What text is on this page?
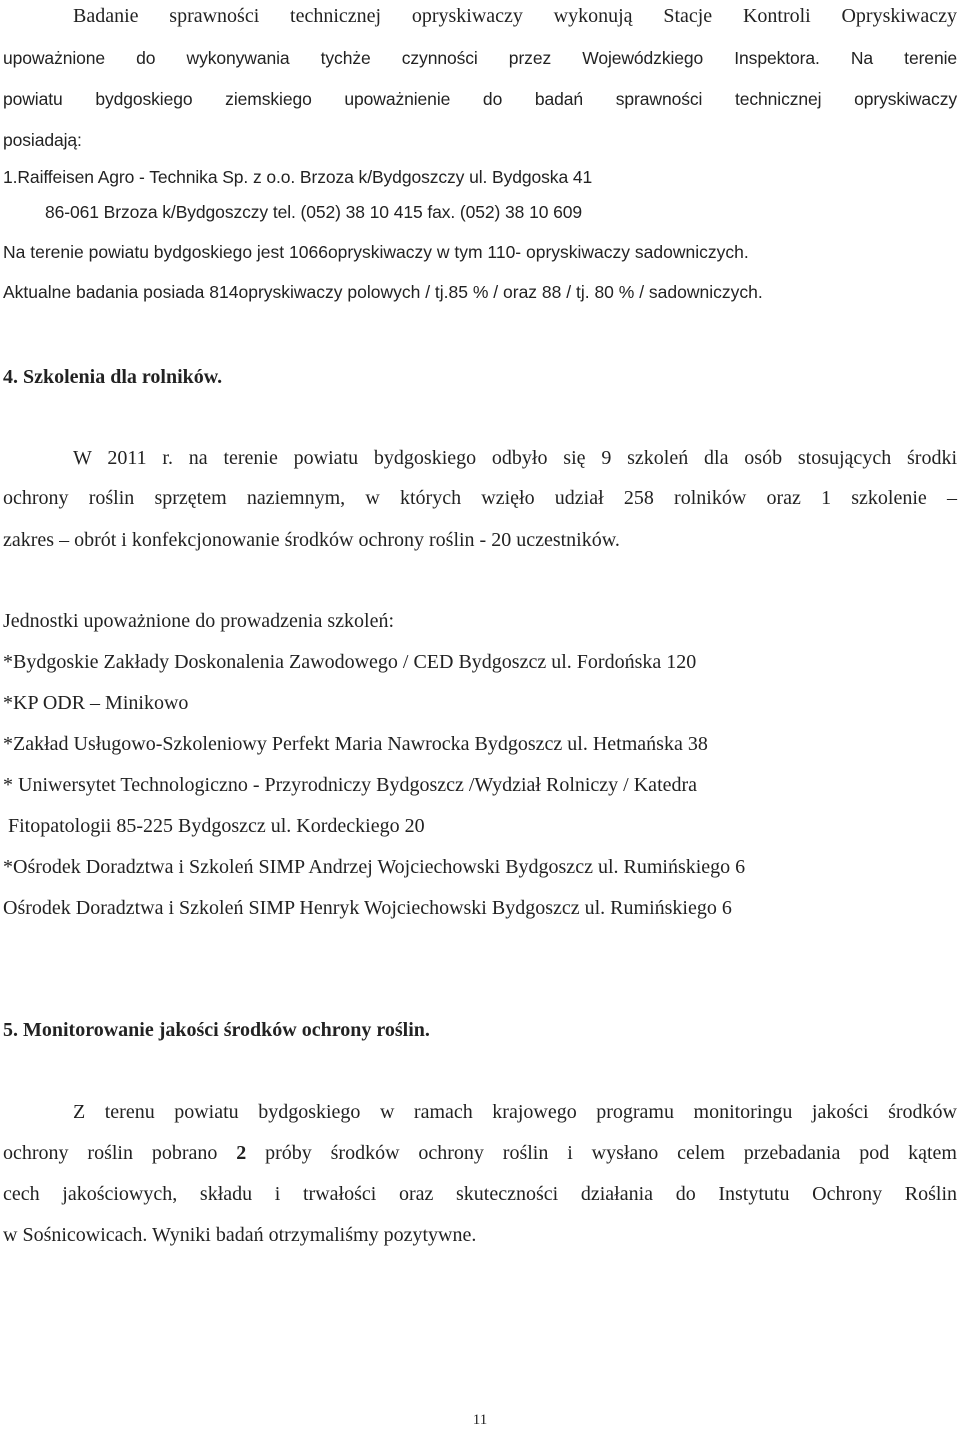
Badanie sprawności technicznej opryskiwaczy wykonują Stacje Kontroli Opryskiwaczy
upoważnione do wykonywania tychże czynności przez Wojewódzkiego Inspektora. Na terenie
powiatu bydgoskiego ziemskiego upoważnienie do badań sprawności technicznej opryskiwaczy
posiadają:
1.Raiffeisen Agro - Technika Sp. z o.o. Brzoza k/Bydgoszczy ul. Bydgoska 41
86-061 Brzoza k/Bydgoszczy tel. (052) 38 10 415 fax. (052) 38 10 609
Na terenie powiatu bydgoskiego jest 1066opryskiwaczy w tym 110- opryskiwaczy sadowniczych.
Aktualne badania posiada 814opryskiwaczy polowych / tj.85 % / oraz 88 / tj. 80 % / sadowniczych.
4. Szkolenia dla rolników.
W 2011 r. na terenie powiatu bydgoskiego odbyło się 9 szkoleń dla osób stosujących środki
ochrony roślin sprzętem naziemnym, w których wzięło udział 258 rolników oraz 1 szkolenie –
zakres – obrót i konfekcjonowanie środków ochrony roślin - 20 uczestników.
Jednostki upoważnione do prowadzenia szkoleń:
*Bydgoskie Zakłady Doskonalenia Zawodowego / CED Bydgoszcz ul. Fordońska 120
*KP ODR – Minikowo
*Zakład Usługowo-Szkoleniowy Perfekt Maria Nawrocka Bydgoszcz ul. Hetmańska 38
* Uniwersytet Technologiczno - Przyrodniczy Bydgoszcz /Wydział Rolniczy / Katedra
Fitopatologii 85-225 Bydgoszcz ul. Kordeckiego 20
*Ośrodek Doradztwa i Szkoleń SIMP Andrzej Wojciechowski Bydgoszcz ul. Rumińskiego 6
Ośrodek Doradztwa i Szkoleń SIMP Henryk Wojciechowski Bydgoszcz ul. Rumińskiego 6
5. Monitorowanie jakości środków ochrony roślin.
Z terenu powiatu bydgoskiego w ramach krajowego programu monitoringu jakości środków
ochrony roślin pobrano 2 próby środków ochrony roślin i wysłano celem przebadania pod kątem
cech jakościowych, składu i trwałości oraz skuteczności działania do Instytutu Ochrony Roślin
w Sośnicowicach. Wyniki badań otrzymaliśmy pozytywne.
11
